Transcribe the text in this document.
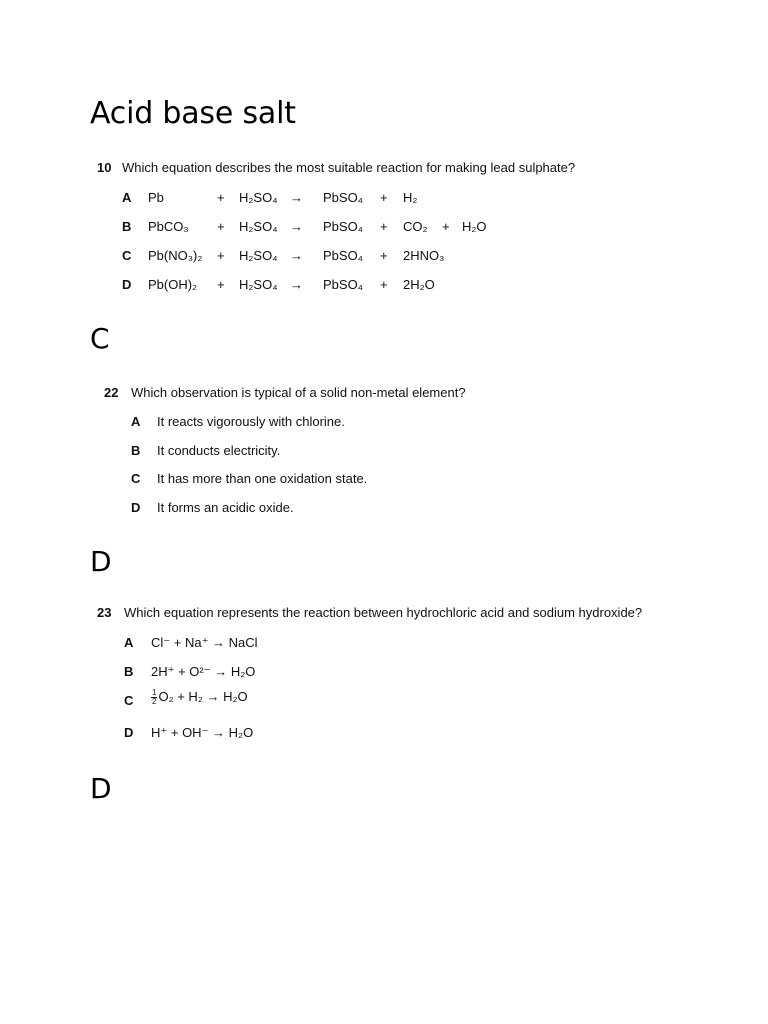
Acid base salt
10 Which equation describes the most suitable reaction for making lead sulphate?
A Pb	+ H₂SO₄ → PbSO₄ + H₂
B PbCO₃ + H₂SO₄ → PbSO₄ + CO₂ + H₂O
C Pb(NO₃)₂ + H₂SO₄ → PbSO₄ + 2HNO₃
D Pb(OH)₂ + H₂SO₄ → PbSO₄ + 2H₂O
C
22 Which observation is typical of a solid non-metal element?
A It reacts vigorously with chlorine.
B It conducts electricity.
C It has more than one oxidation state.
D It forms an acidic oxide.
D
23 Which equation represents the reaction between hydrochloric acid and sodium hydroxide?
A Cl⁻ + Na⁺ → NaCl
B 2H⁺ + O²⁻ → H₂O
C $\frac{1}{2} O_2 + H_2 \to H_2O$
D H⁺ + OH⁻ → H₂O
D
